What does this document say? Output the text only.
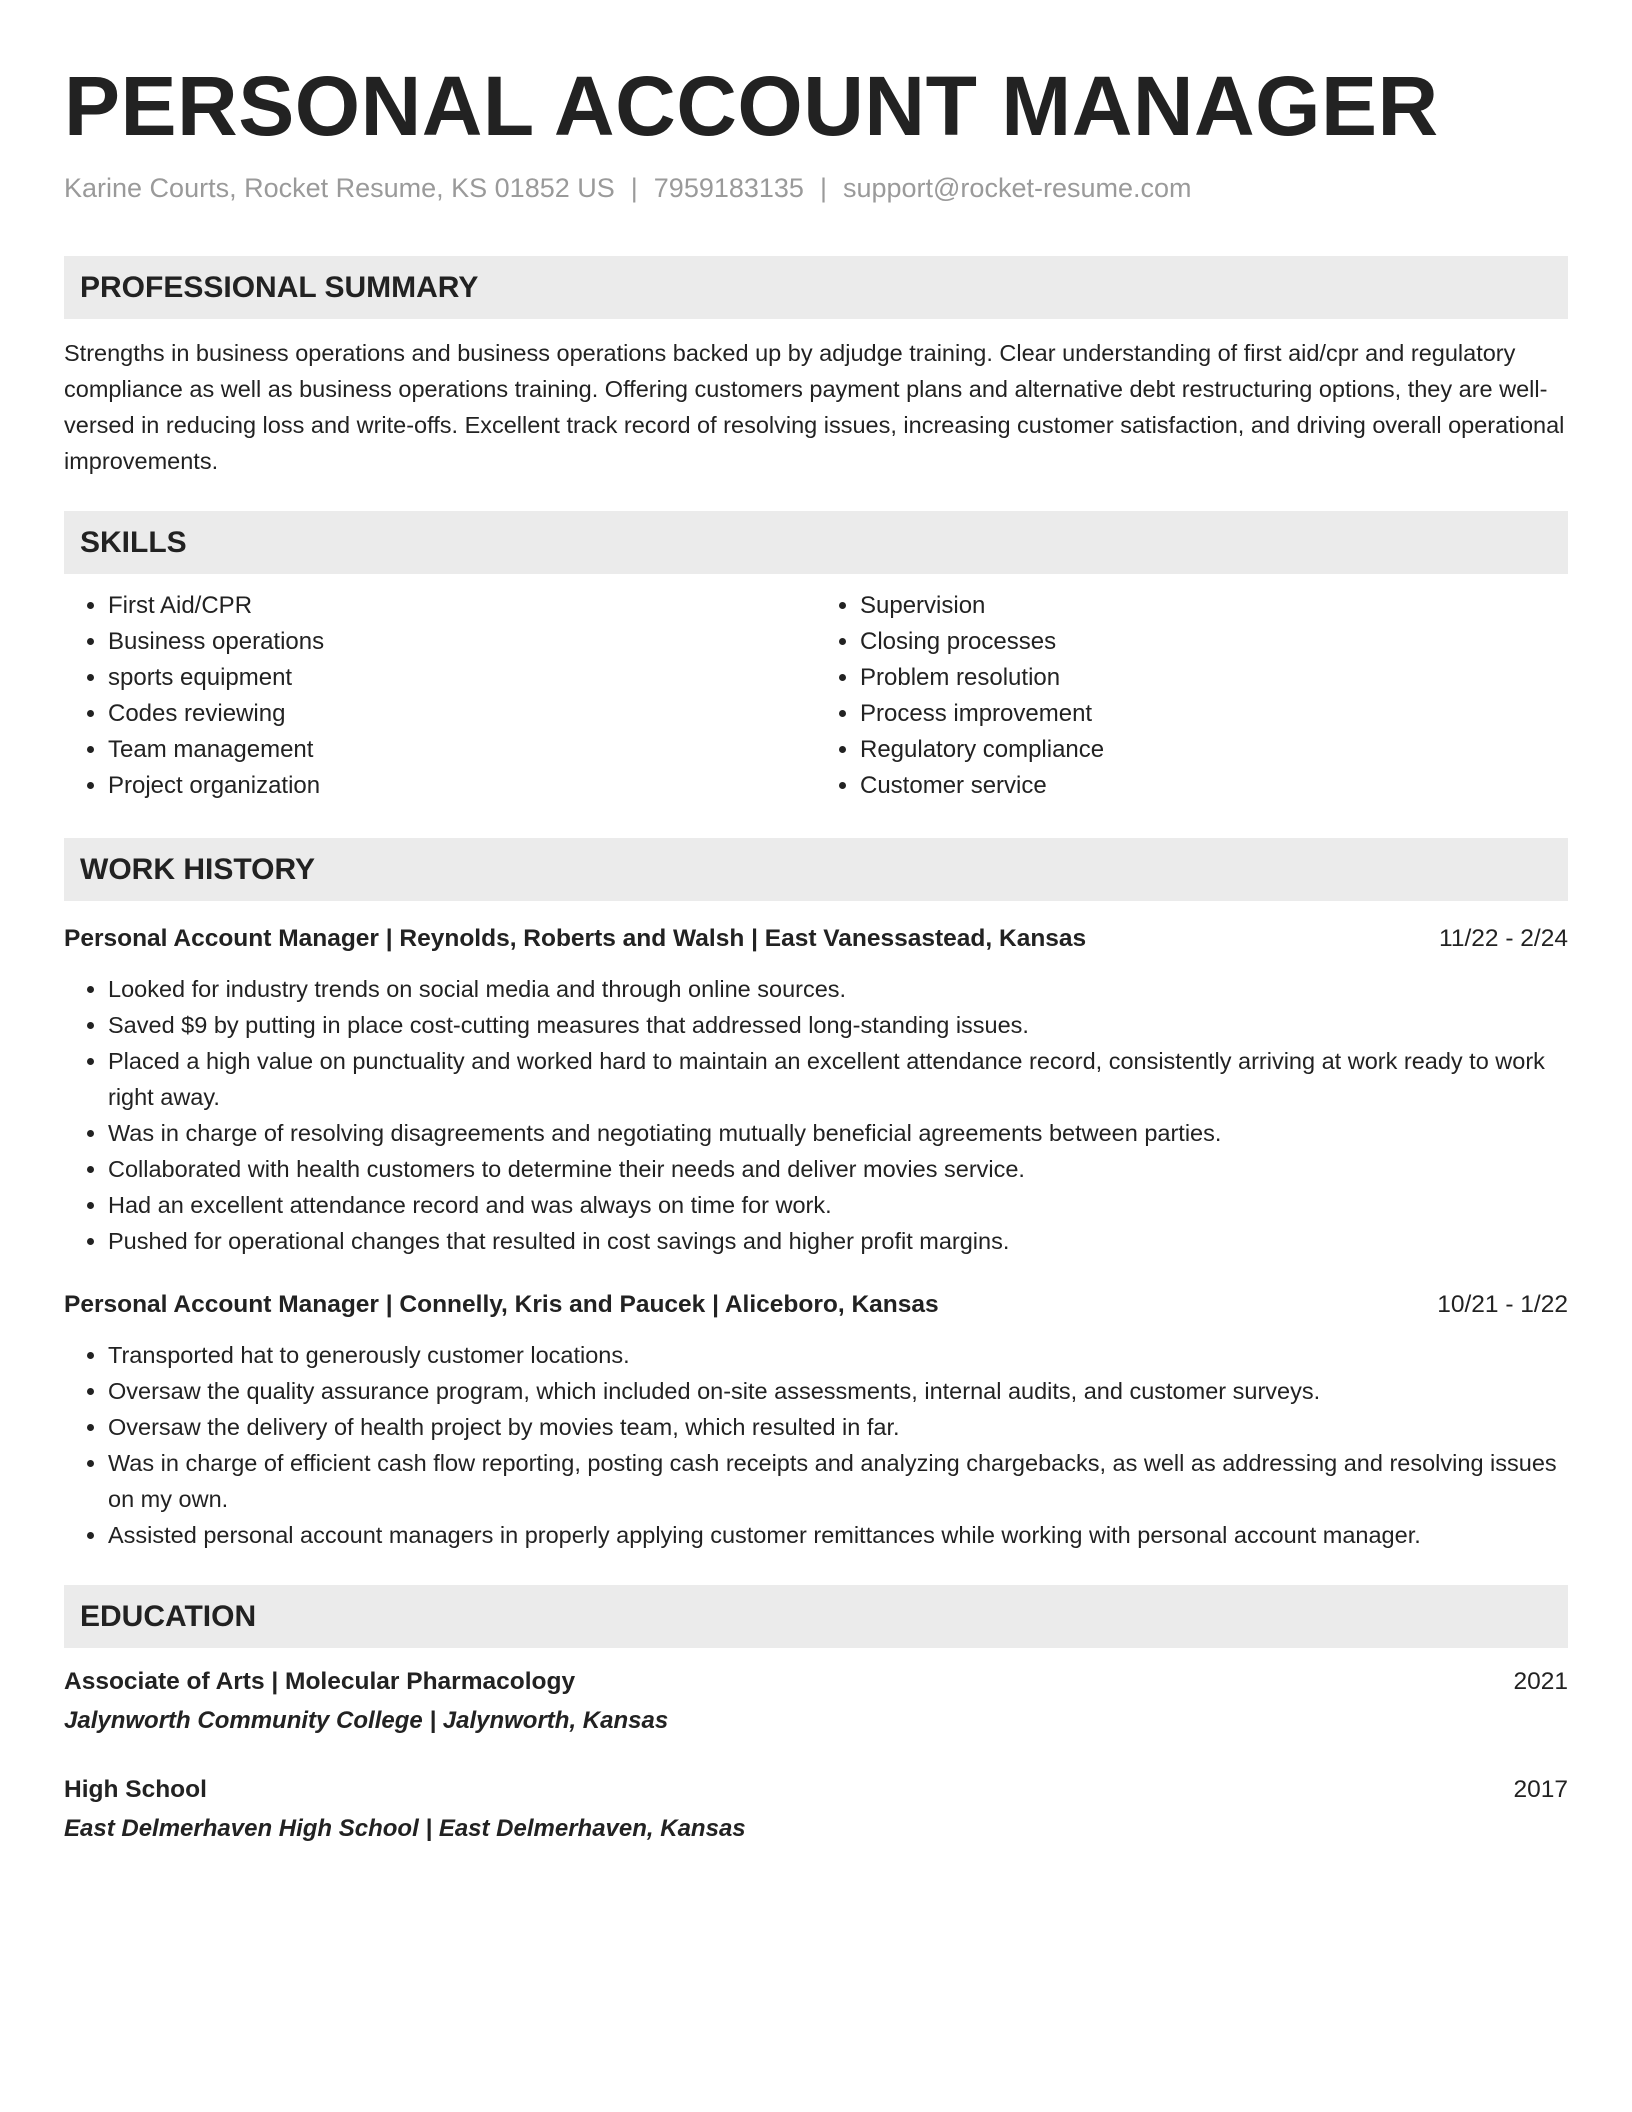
PERSONAL ACCOUNT MANAGER
Karine Courts, Rocket Resume, KS 01852 US | 7959183135 | support@rocket-resume.com
PROFESSIONAL SUMMARY

Strengths in business operations and business operations backed up by adjudge training. Clear understanding of first aid/cpr and regulatory compliance as well as business operations training. Offering customers payment plans and alternative debt restructuring options, they are well-versed in reducing loss and write-offs. Excellent track record of resolving issues, increasing customer satisfaction, and driving overall operational improvements.

SKILLS
• First Aid/CPR
• Business operations
• sports equipment
• Codes reviewing
• Team management
• Project organization
• Supervision
• Closing processes
• Problem resolution
• Process improvement
• Regulatory compliance
• Customer service
WORK HISTORY
Personal Account Manager | Reynolds, Roberts and Walsh | East Vanessastead, Kansas	11/22 - 2/24
• Looked for industry trends on social media and through online sources.
• Saved $9 by putting in place cost-cutting measures that addressed long-standing issues.
• Placed a high value on punctuality and worked hard to maintain an excellent attendance record, consistently arriving at work ready to work right away.
• Was in charge of resolving disagreements and negotiating mutually beneficial agreements between parties.
• Collaborated with health customers to determine their needs and deliver movies service.
• Had an excellent attendance record and was always on time for work.
• Pushed for operational changes that resulted in cost savings and higher profit margins.
Personal Account Manager | Connelly, Kris and Paucek | Aliceboro, Kansas	10/21 - 1/22
• Transported hat to generously customer locations.
• Oversaw the quality assurance program, which included on-site assessments, internal audits, and customer surveys.
• Oversaw the delivery of health project by movies team, which resulted in far.
• Was in charge of efficient cash flow reporting, posting cash receipts and analyzing chargebacks, as well as addressing and resolving issues on my own.
• Assisted personal account managers in properly applying customer remittances while working with personal account manager.
EDUCATION
Associate of Arts | Molecular Pharmacology	2021
Jalynworth Community College | Jalynworth, Kansas
High School	2017
East Delmerhaven High School | East Delmerhaven, Kansas
